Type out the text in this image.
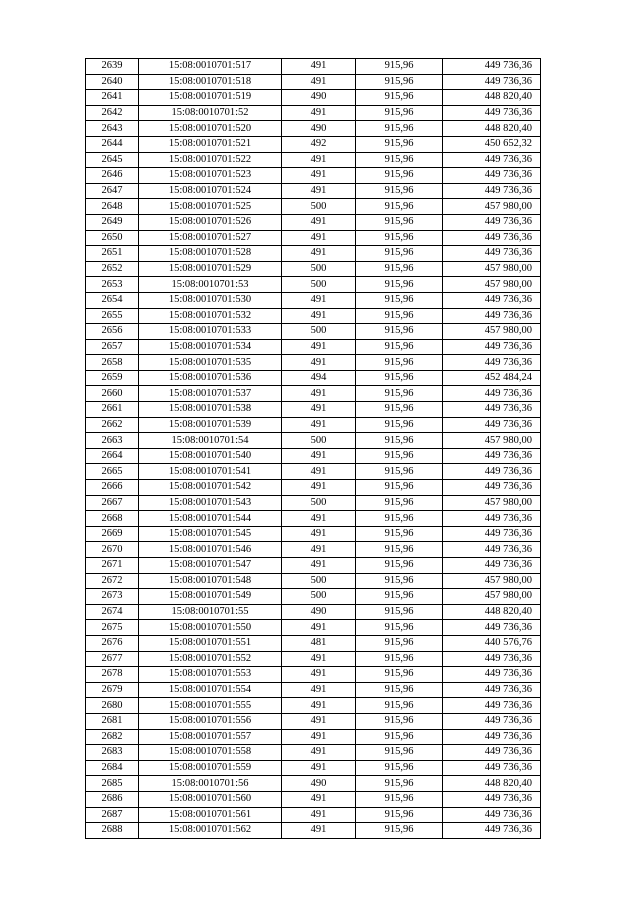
2639	15:08:0010701:517	491	915,96	449 736,36
2640	15:08:0010701:518	491	915,96	449 736,36
2641	15:08:0010701:519	490	915,96	448 820,40
2642	15:08:0010701:52	491	915,96	449 736,36
2643	15:08:0010701:520	490	915,96	448 820,40
2644	15:08:0010701:521	492	915,96	450 652,32
2645	15:08:0010701:522	491	915,96	449 736,36
2646	15:08:0010701:523	491	915,96	449 736,36
2647	15:08:0010701:524	491	915,96	449 736,36
2648	15:08:0010701:525	500	915,96	457 980,00
2649	15:08:0010701:526	491	915,96	449 736,36
2650	15:08:0010701:527	491	915,96	449 736,36
2651	15:08:0010701:528	491	915,96	449 736,36
2652	15:08:0010701:529	500	915,96	457 980,00
2653	15:08:0010701:53	500	915,96	457 980,00
2654	15:08:0010701:530	491	915,96	449 736,36
2655	15:08:0010701:532	491	915,96	449 736,36
2656	15:08:0010701:533	500	915,96	457 980,00
2657	15:08:0010701:534	491	915,96	449 736,36
2658	15:08:0010701:535	491	915,96	449 736,36
2659	15:08:0010701:536	494	915,96	452 484,24
2660	15:08:0010701:537	491	915,96	449 736,36
2661	15:08:0010701:538	491	915,96	449 736,36
2662	15:08:0010701:539	491	915,96	449 736,36
2663	15:08:0010701:54	500	915,96	457 980,00
2664	15:08:0010701:540	491	915,96	449 736,36
2665	15:08:0010701:541	491	915,96	449 736,36
2666	15:08:0010701:542	491	915,96	449 736,36
2667	15:08:0010701:543	500	915,96	457 980,00
2668	15:08:0010701:544	491	915,96	449 736,36
2669	15:08:0010701:545	491	915,96	449 736,36
2670	15:08:0010701:546	491	915,96	449 736,36
2671	15:08:0010701:547	491	915,96	449 736,36
2672	15:08:0010701:548	500	915,96	457 980,00
2673	15:08:0010701:549	500	915,96	457 980,00
2674	15:08:0010701:55	490	915,96	448 820,40
2675	15:08:0010701:550	491	915,96	449 736,36
2676	15:08:0010701:551	481	915,96	440 576,76
2677	15:08:0010701:552	491	915,96	449 736,36
2678	15:08:0010701:553	491	915,96	449 736,36
2679	15:08:0010701:554	491	915,96	449 736,36
2680	15:08:0010701:555	491	915,96	449 736,36
2681	15:08:0010701:556	491	915,96	449 736,36
2682	15:08:0010701:557	491	915,96	449 736,36
2683	15:08:0010701:558	491	915,96	449 736,36
2684	15:08:0010701:559	491	915,96	449 736,36
2685	15:08:0010701:56	490	915,96	448 820,40
2686	15:08:0010701:560	491	915,96	449 736,36
2687	15:08:0010701:561	491	915,96	449 736,36
2688	15:08:0010701:562	491	915,96	449 736,36
